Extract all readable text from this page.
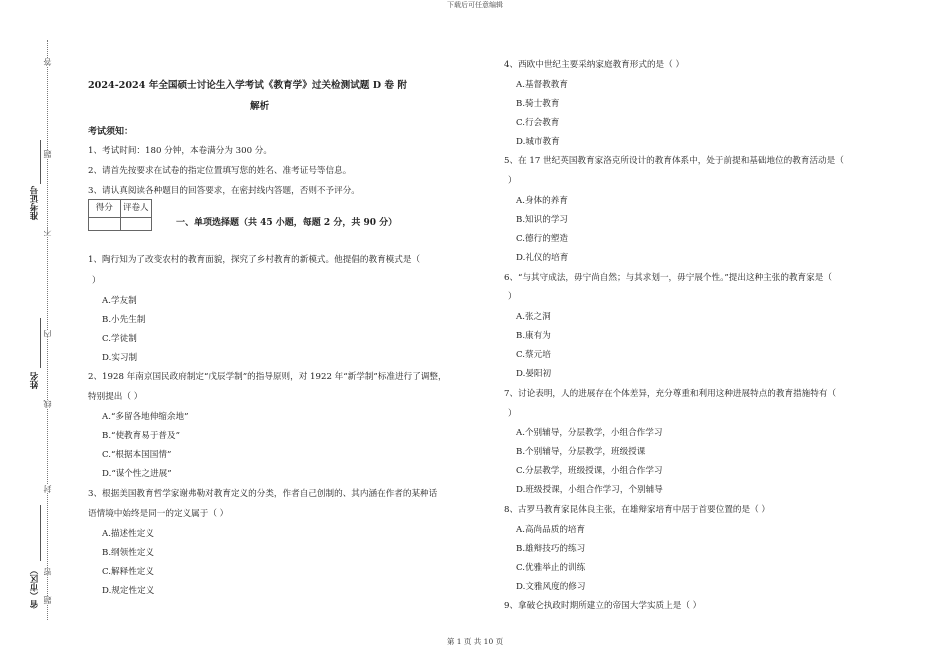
下载后可任意编辑
答
题
不
内
线
封
密
题
准考证号
姓名
省（市区）
2024-2024 年全国硕士讨论生入学考试《教育学》过关检测试题 D 卷 附
解析
考试须知：
1、考试时间：180 分钟，本卷满分为 300 分。
2、请首先按要求在试卷的指定位置填写您的姓名、准考证号等信息。
3、请认真阅读各种题目的回答要求，在密封线内答题，否则不予评分。
得分	评卷人
一、单项选择题（共 45 小题，每题 2 分，共 90 分）
1、陶行知为了改变农村的教育面貌，探究了乡村教育的新模式。他提倡的教育模式是（
）
A.学友制
B.小先生制
C.学徒制
D.实习制
2、1928 年南京国民政府制定“戊辰学制”的指导原则，对 1922 年“新学制”标准进行了调整，
特别提出（ ）
A.“多留各地伸缩余地”
B.“使教育易于普及”
C.“根据本国国情”
D.“谋个性之进展”
3、根据美国教育哲学家谢弗勒对教育定义的分类，作者自己创制的、其内涵在作者的某种话
语情境中始终是同一的定义属于（ ）
A.描述性定义
B.纲领性定义
C.解释性定义
D.规定性定义
4、西欧中世纪主要采纳家庭教育形式的是（ ）
A.基督教教育
B.骑士教育
C.行会教育
D.城市教育
5、在 17 世纪英国教育家洛克所设计的教育体系中，处于前提和基础地位的教育活动是（
）
A.身体的养育
B.知识的学习
C.德行的塑造
D.礼仪的培育
6、“与其守成法，毋宁尚自然；与其求划一，毋宁展个性。”提出这种主张的教育家是（
）
A.张之洞
B.康有为
C.蔡元培
D.晏阳初
7、讨论表明，人的进展存在个体差异，充分尊重和利用这种进展特点的教育措施特有（
）
A.个别辅导，分层教学，小组合作学习
B.个别辅导，分层教学，班级授课
C.分层教学，班级授课，小组合作学习
D.班级授课，小组合作学习，个别辅导
8、古罗马教育家昆体良主张，在雄辩家培育中居于首要位置的是（ ）
A.高尚品质的培育
B.雄辩技巧的练习
C.优雅举止的训练
D.文雅风度的修习
9、拿破仑执政时期所建立的帝国大学实质上是（ ）
第 1 页 共 10 页
